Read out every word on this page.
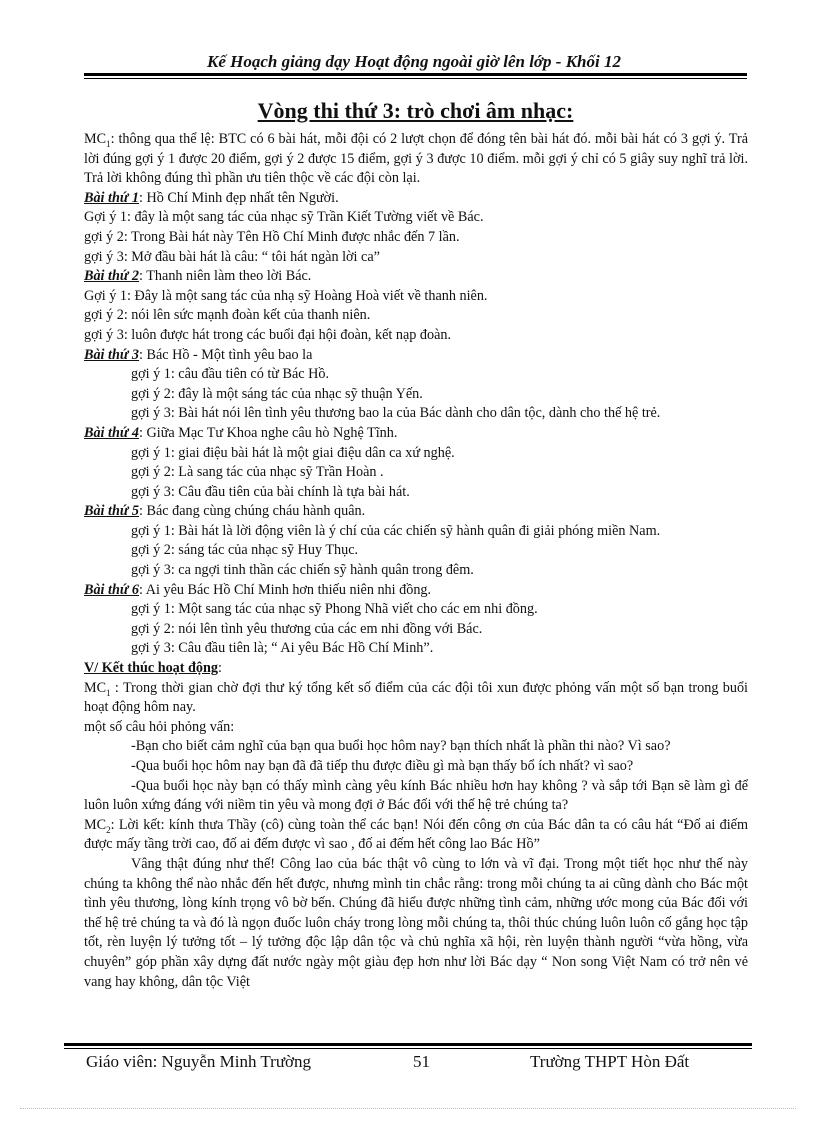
Kế Hoạch giảng dạy Hoạt động ngoài giờ lên lớp - Khối 12
Vòng thi thứ 3: trò chơi âm nhạc:

$MC_1$: thông qua thể lệ: BTC có 6 bài hát, mỗi đội có 2 lượt chọn để đóng tên bài hát đó. mỗi bài hát có 3 gợi ý. Trả lời đúng gợi ý 1 được 20 điểm, gợi ý 2 được 15 điểm, gợi ý 3 được 10 điểm. mỗi gợi ý chỉ có 5 giây suy nghĩ trả lời. Trả lời không đúng thì phần ưu tiên thộc về các đội còn lại.

Bài thứ 1: Hồ Chí Minh đẹp nhất tên Người.

Gợi ý 1: đây là một sang tác của nhạc sỹ Trần Kiết Tường viết về Bác.

gợi ý 2: Trong Bài hát này Tên Hồ Chí Minh được nhắc đến 7 lần.

gợi ý 3: Mở đầu bài hát là câu: “ tôi hát ngàn lời ca”

Bài thứ 2: Thanh niên làm theo lời Bác.

Gợi ý 1: Đây là một sang tác của nhạ sỹ Hoàng Hoà viết về thanh niên.

gợi ý 2: nói lên sức mạnh đoàn kết của thanh niên.

gợi ý 3: luôn được hát trong các buổi đại hội đoàn, kết nạp đoàn.

Bài thứ 3: Bác Hồ - Một tình yêu bao la

gợi ý 1: câu đầu tiên có từ Bác Hồ.

gợi ý 2: đây là một sáng tác của nhạc sỹ thuận Yến.

gợi ý 3: Bài hát nói lên tình yêu thương bao la của Bác dành cho dân tộc, dành cho thế hệ trẻ.

Bài thứ 4: Giữa Mạc Tư Khoa nghe câu hò Nghệ Tĩnh.

gợi ý 1: giai điệu bài hát là một giai điệu dân ca xứ nghệ.

gợi ý 2: Là sang tác của nhạc sỹ Trần Hoàn .

gợi ý 3: Câu đầu tiên của bài chính là tựa bài hát.

Bài thứ 5: Bác đang cùng chúng cháu hành quân.

gợi ý 1: Bài hát là lời động viên là ý chí của các chiến sỹ hành quân đi giải phóng miền Nam.

gợi ý 2: sáng tác của nhạc sỹ Huy Thục.

gợi ý 3: ca ngợi tinh thần các chiến sỹ hành quân trong đêm.

Bài thứ 6: Ai yêu Bác Hồ Chí Minh hơn thiếu niên nhi đồng.

gợi ý 1: Một sang tác của nhạc sỹ Phong Nhã viết cho các em nhi đồng.

gợi ý 2: nói lên tình yêu thương của các em nhi đồng với Bác.

gợi ý 3: Câu đầu tiên là; “ Ai yêu Bác Hồ Chí Minh”.

V/ Kết thúc hoạt động:

$MC_1$ : Trong thời gian chờ đợi thư ký tổng kết số điểm của các đội tôi xun được phỏng vấn một số bạn trong buổi hoạt động hôm nay.

một số câu hỏi phỏng vấn:

-Bạn cho biết cảm nghĩ của bạn qua buổi học hôm nay? bạn thích nhất là phần thi nào? Vì sao?

-Qua buổi học hôm nay bạn đã đã tiếp thu được điều gì mà bạn thấy bổ ích nhất? vì sao?

-Qua buổi học này bạn có thấy mình càng yêu kính Bác nhiều hơn hay không ? và sắp tới Bạn sẽ làm gì để luôn luôn xứng đáng với niềm tin yêu và mong đợi ở Bác đối với thế hệ trẻ chúng ta?

$MC_2$: Lời kết: kính thưa Thầy (cô) cùng toàn thể các bạn! Nói đến công ơn của Bác dân ta có câu hát “Đố ai điếm được mấy tầng trời cao, đố ai đếm được vì sao , đố ai đếm hết công lao Bác Hồ”

Vâng thật đúng như thế! Công lao của bác thật vô cùng to lớn và vĩ đại. Trong một tiết học như thế này chúng ta không thể nào nhắc đến hết được, nhưng mình tin chắc rằng: trong mỗi chúng ta ai cũng dành cho Bác một tình yêu thương, lòng kính trọng vô bờ bến. Chúng đã hiểu được những tình cảm, những ước mong của Bác đối với thế hệ trẻ chúng ta và đó là ngọn đuốc luôn cháy trong lòng mỗi chúng ta, thôi thúc chúng luôn luôn cố gắng học tập tốt, rèn luyện lý tưởng tốt – lý tưởng độc lập dân tộc và chủ nghĩa xã hội, rèn luyện thành người “vừa hồng, vừa chuyên” góp phần xây dựng đất nước ngày một giàu đẹp hơn như lời Bác dạy “ Non song Việt Nam có trở nên vẻ vang hay không, dân tộc Việt

Giáo viên: Nguyễn Minh Trường	51	Trường THPT Hòn Đất
